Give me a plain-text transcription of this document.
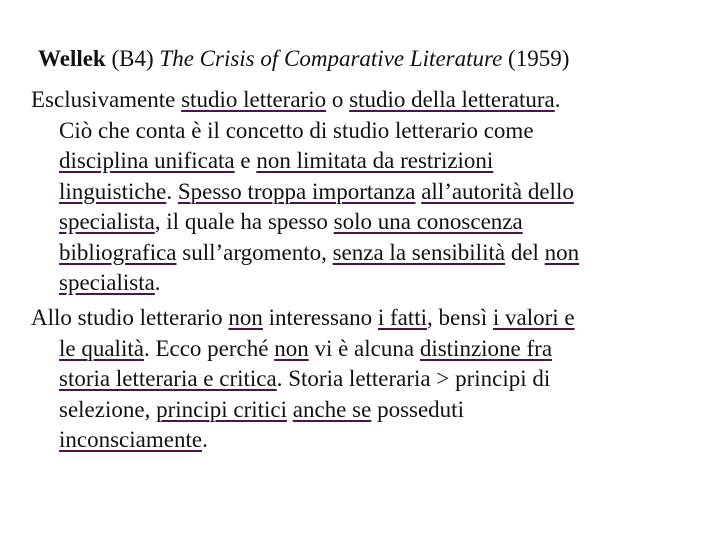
Wellek (B4) The Crisis of Comparative Literature (1959)
Esclusivamente studio letterario o studio della letteratura.
Ciò che conta è il concetto di studio letterario come
disciplina unificata e non limitata da restrizioni
linguistiche. Spesso troppa importanza all’autorità dello
specialista, il quale ha spesso solo una conoscenza
bibliografica sull’argomento, senza la sensibilità del non
specialista.
Allo studio letterario non interessano i fatti, bensì i valori e
le qualità. Ecco perché non vi è alcuna distinzione fra
storia letteraria e critica. Storia letteraria > principi di
selezione, principi critici anche se posseduti
inconsciamente.
